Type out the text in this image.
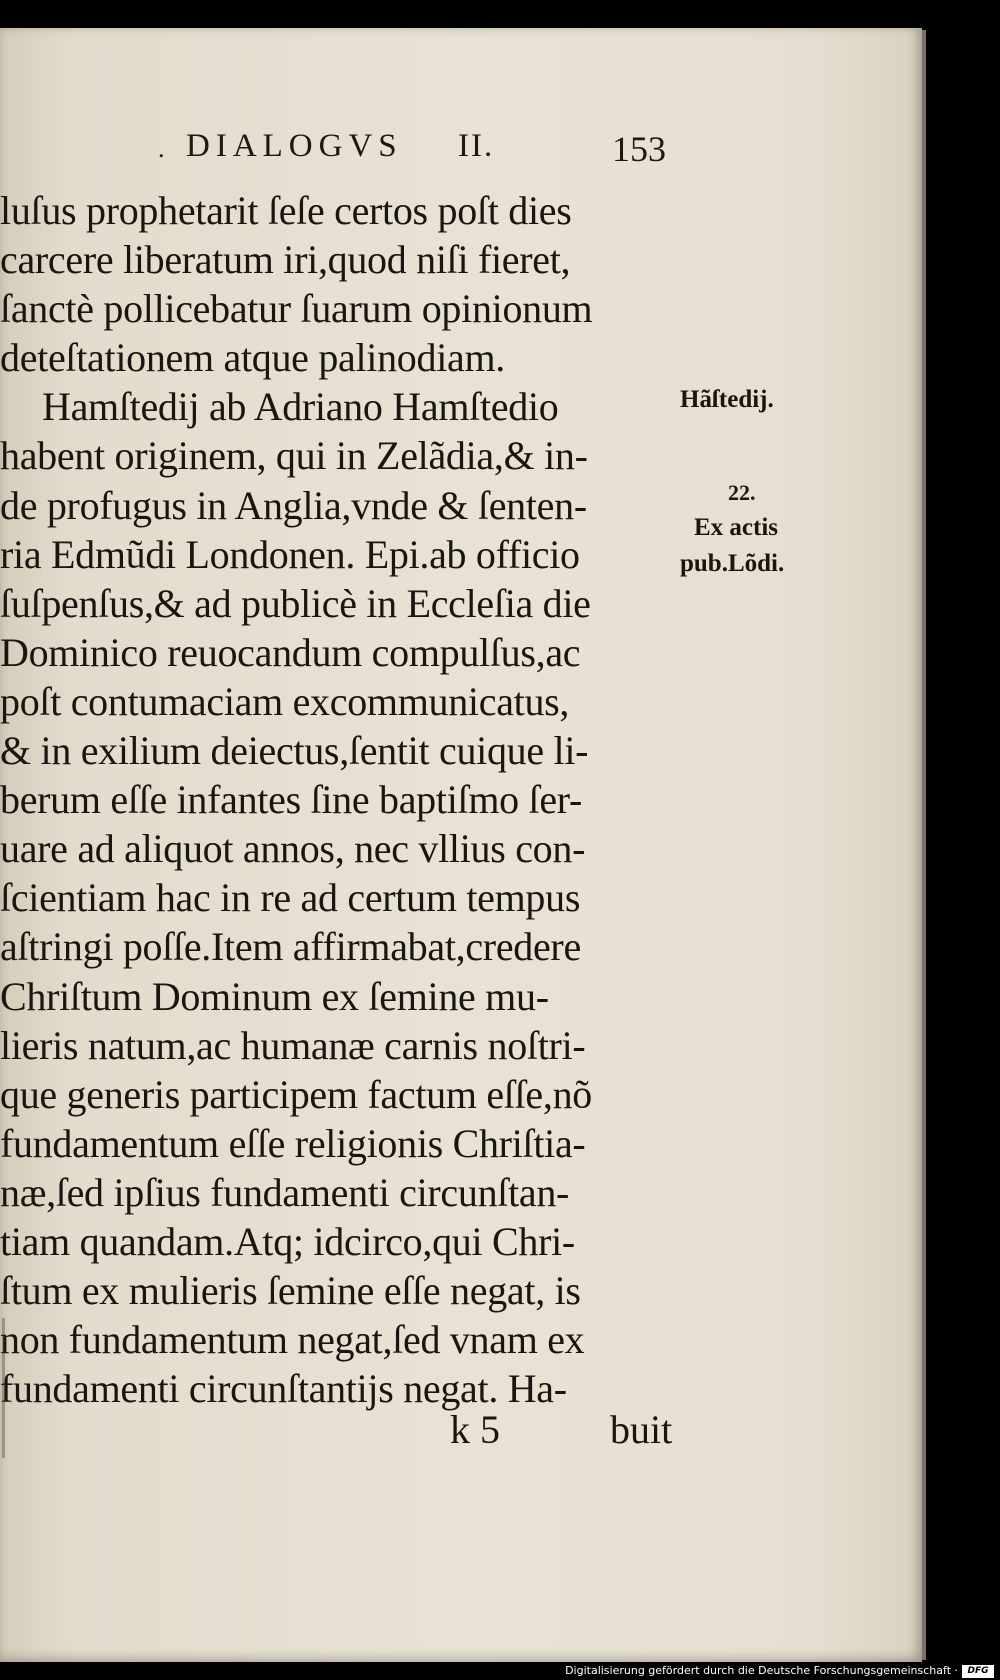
. DIALOGVS II.	153
luſus prophetarit ſeſe certos poſt dies
carcere liberatum iri,quod niſi fieret,
ſanctè pollicebatur ſuarum opinionum
deteſtationem atque palinodiam.
Hamſtedij ab Adriano Hamſtedio
habent originem, qui in Zelãdia,& in-
de profugus in Anglia,vnde & ſenten-
ria Edmũdi Londonen. Epi.ab officio
ſuſpenſus,& ad publicè in Eccleſia die
Dominico reuocandum compulſus,ac
poſt contumaciam excommunicatus,
& in exilium deiectus,ſentit cuique li-
berum eſſe infantes ſine baptiſmo ſer-
uare ad aliquot annos, nec vllius con-
ſcientiam hac in re ad certum tempus
aſtringi poſſe.Item affirmabat,credere
Chriſtum Dominum ex ſemine mu-
lieris natum,ac humanæ carnis noſtri-
que generis participem factum eſſe,nõ
fundamentum eſſe religionis Chriſtia-
næ,ſed ipſius fundamenti circunſtan-
tiam quandam.Atq; idcirco,qui Chri-
ſtum ex mulieris ſemine eſſe negat, is
non fundamentum negat,ſed vnam ex
fundamenti circunſtantijs negat. Ha-
k 5	buit
Hãſtedij.
22.
Ex actis
pub.Lõdi.
Digitalisierung gefördert durch die Deutsche Forschungsgemeinschaft ·	DFG
